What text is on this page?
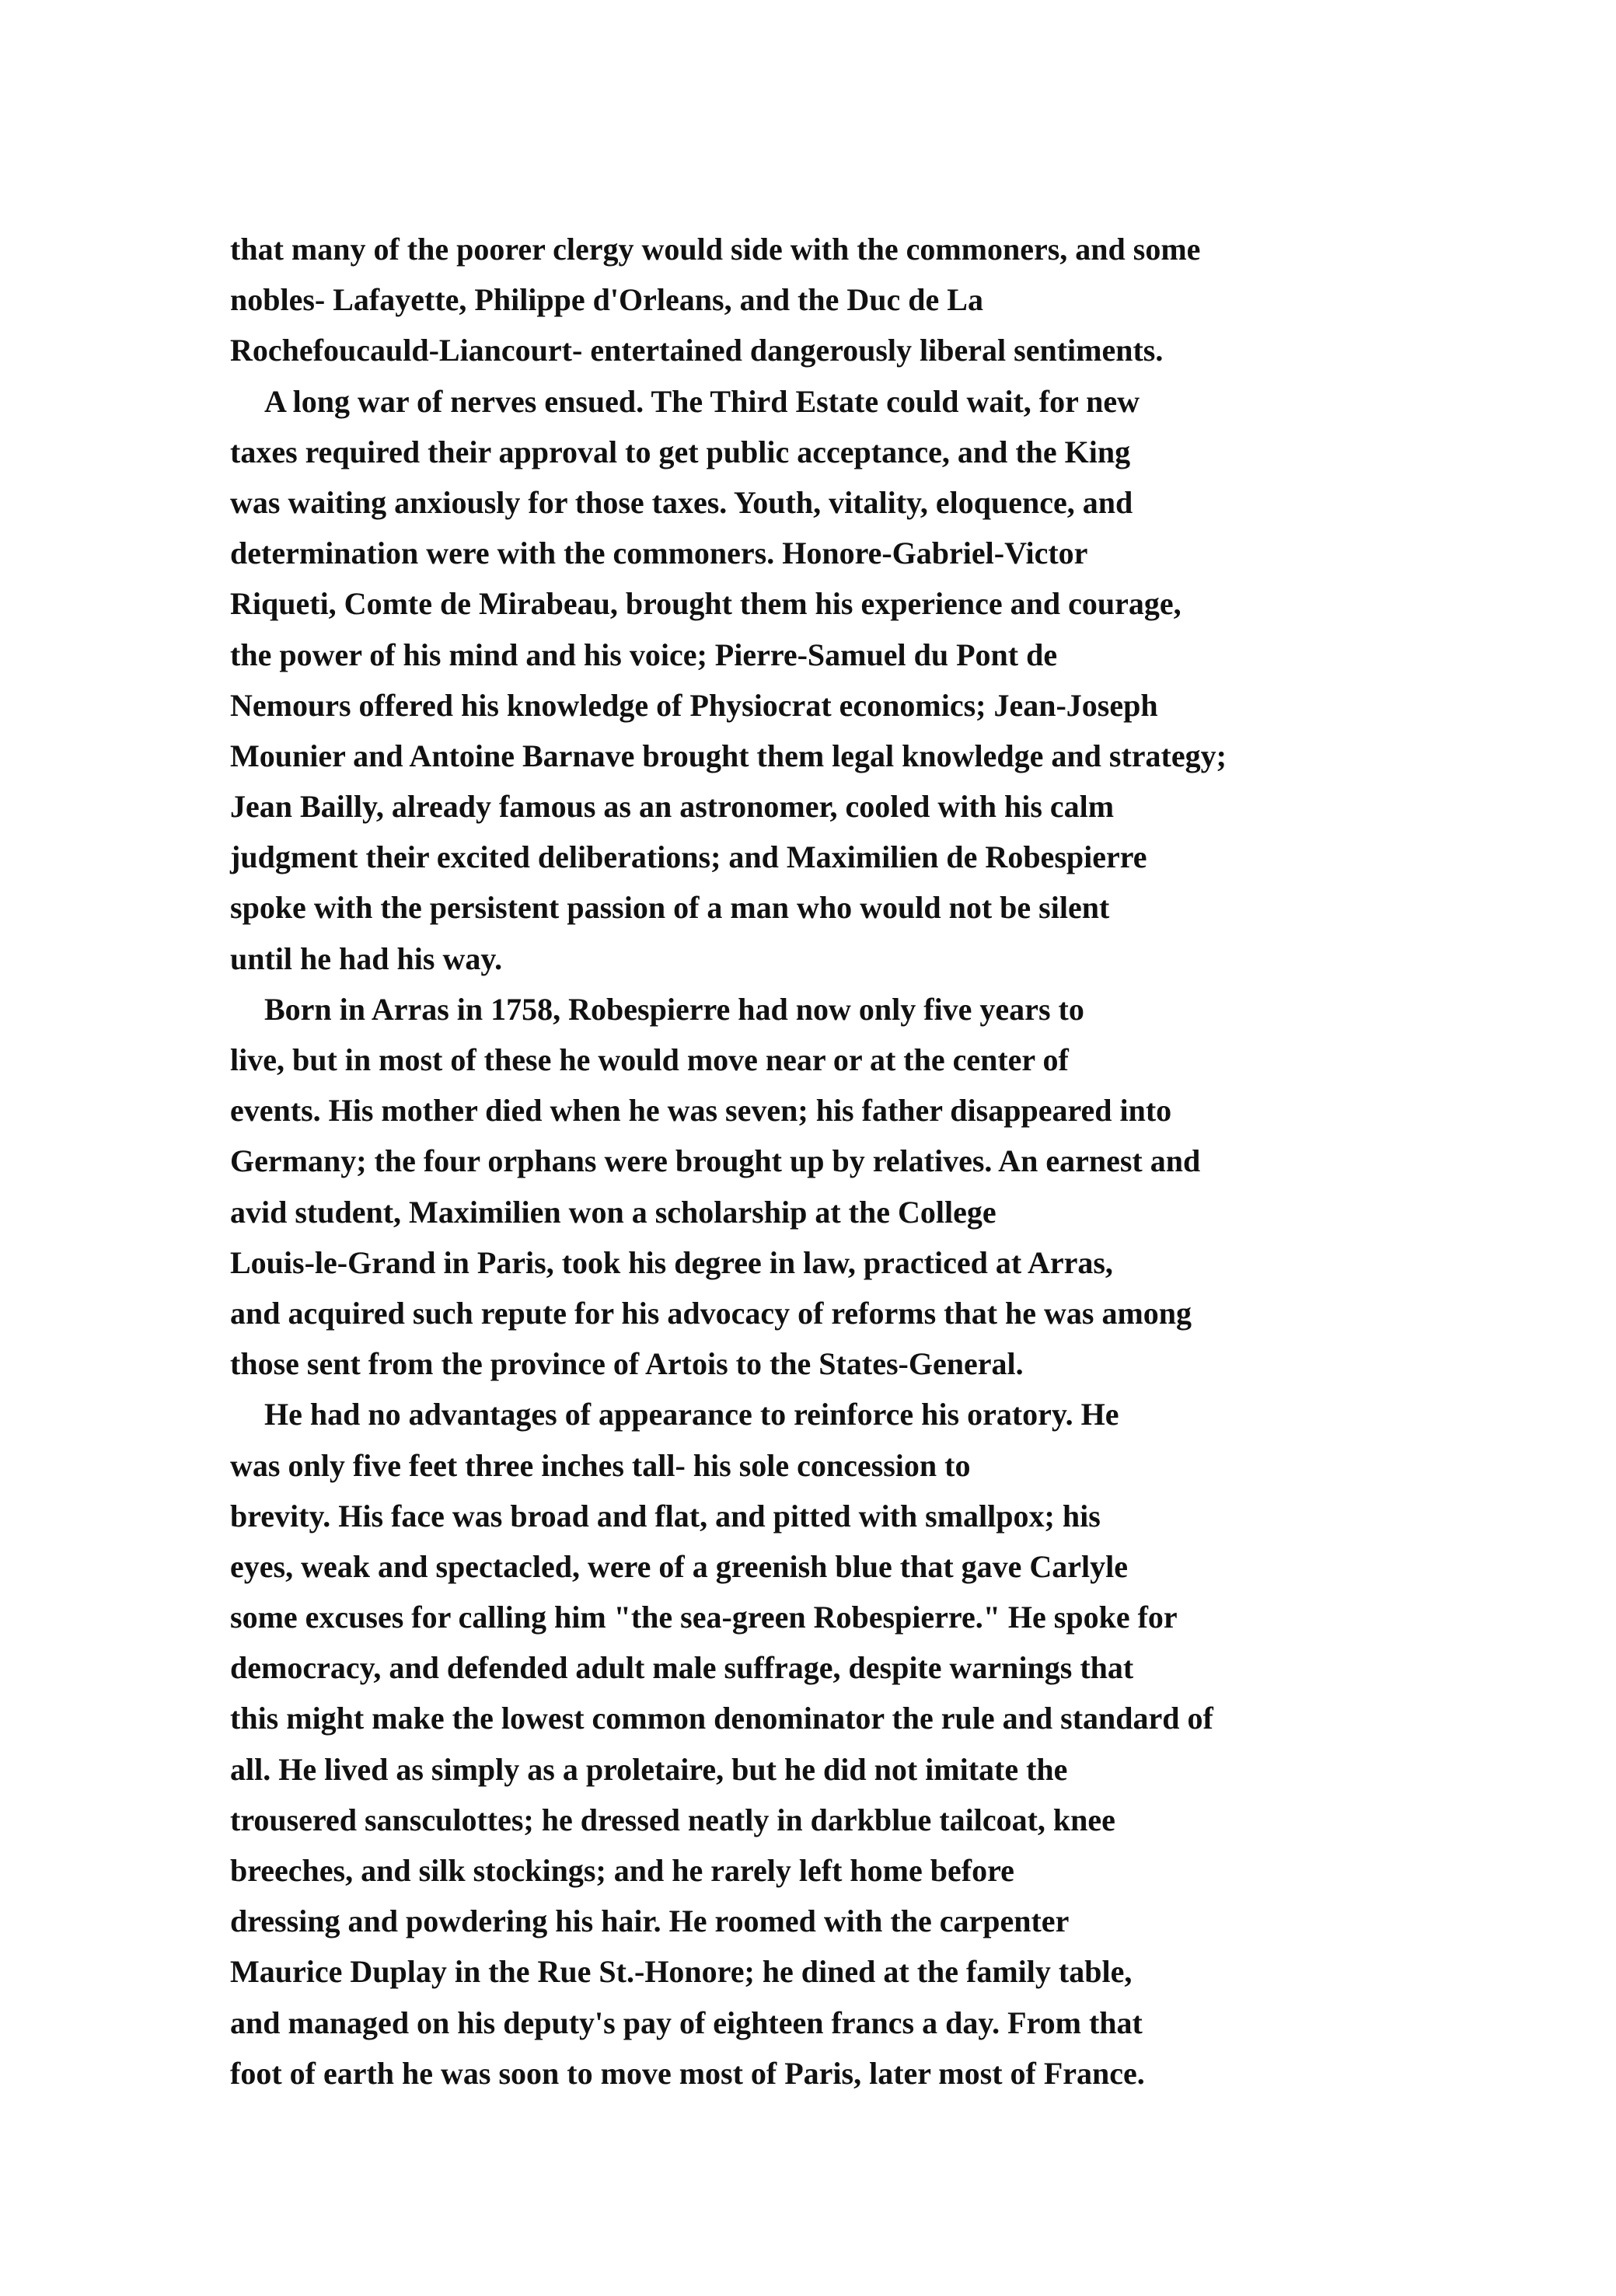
that many of the poorer clergy would side with the commoners, and some
nobles- Lafayette, Philippe d'Orleans, and the Duc de La
Rochefoucauld-Liancourt- entertained dangerously liberal sentiments.
A long war of nerves ensued. The Third Estate could wait, for new
taxes required their approval to get public acceptance, and the King
was waiting anxiously for those taxes. Youth, vitality, eloquence, and
determination were with the commoners. Honore-Gabriel-Victor
Riqueti, Comte de Mirabeau, brought them his experience and courage,
the power of his mind and his voice; Pierre-Samuel du Pont de
Nemours offered his knowledge of Physiocrat economics; Jean-Joseph
Mounier and Antoine Barnave brought them legal knowledge and strategy;
Jean Bailly, already famous as an astronomer, cooled with his calm
judgment their excited deliberations; and Maximilien de Robespierre
spoke with the persistent passion of a man who would not be silent
until he had his way.
Born in Arras in 1758, Robespierre had now only five years to
live, but in most of these he would move near or at the center of
events. His mother died when he was seven; his father disappeared into
Germany; the four orphans were brought up by relatives. An earnest and
avid student, Maximilien won a scholarship at the College
Louis-le-Grand in Paris, took his degree in law, practiced at Arras,
and acquired such repute for his advocacy of reforms that he was among
those sent from the province of Artois to the States-General.
He had no advantages of appearance to reinforce his oratory. He
was only five feet three inches tall- his sole concession to
brevity. His face was broad and flat, and pitted with smallpox; his
eyes, weak and spectacled, were of a greenish blue that gave Carlyle
some excuses for calling him "the sea-green Robespierre." He spoke for
democracy, and defended adult male suffrage, despite warnings that
this might make the lowest common denominator the rule and standard of
all. He lived as simply as a proletaire, but he did not imitate the
trousered sansculottes; he dressed neatly in darkblue tailcoat, knee
breeches, and silk stockings; and he rarely left home before
dressing and powdering his hair. He roomed with the carpenter
Maurice Duplay in the Rue St.-Honore; he dined at the family table,
and managed on his deputy's pay of eighteen francs a day. From that
foot of earth he was soon to move most of Paris, later most of France.
